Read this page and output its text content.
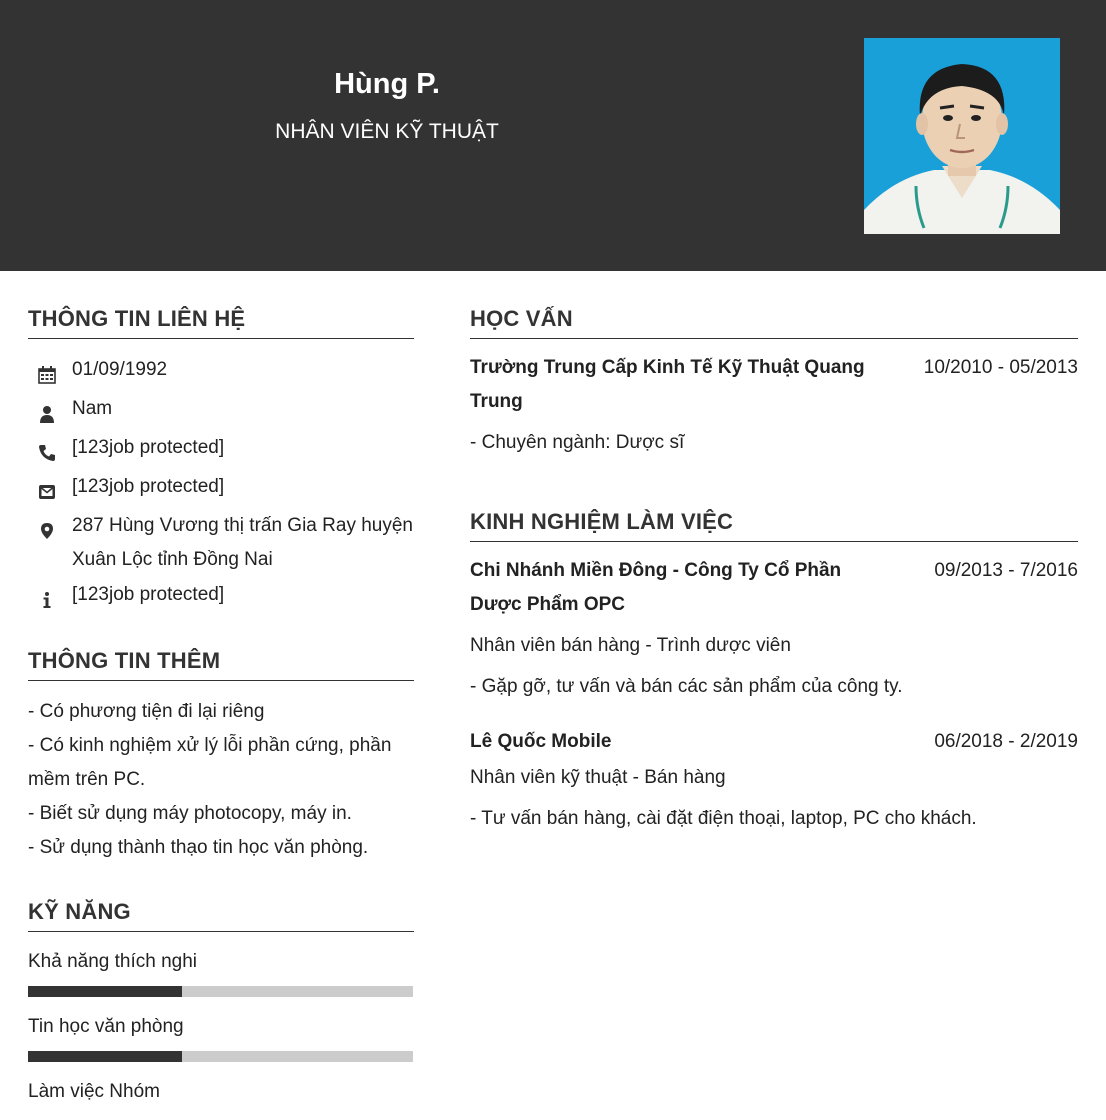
Hùng P.
NHÂN VIÊN KỸ THUẬT
THÔNG TIN LIÊN HỆ
01/09/1992
Nam
[123job protected]
[123job protected]
287 Hùng Vương thị trấn Gia Ray huyện Xuân Lộc tỉnh Đồng Nai
[123job protected]
THÔNG TIN THÊM
- Có phương tiện đi lại riêng
- Có kinh nghiệm xử lý lỗi phần cứng, phần mềm trên PC.
- Biết sử dụng máy photocopy, máy in.
- Sử dụng thành thạo tin học văn phòng.
KỸ NĂNG
Khả năng thích nghi
Tin học văn phòng
Làm việc Nhóm
HỌC VẤN
Trường Trung Cấp Kinh Tế Kỹ Thuật Quang Trung
10/2010 - 05/2013
- Chuyên ngành: Dược sĩ
KINH NGHIỆM LÀM VIỆC
Chi Nhánh Miền Đông - Công Ty Cổ Phần Dược Phẩm OPC
09/2013 - 7/2016
Nhân viên bán hàng - Trình dược viên
- Gặp gỡ, tư vấn và bán các sản phẩm của công ty.
Lê Quốc Mobile	06/2018 - 2/2019
Nhân viên kỹ thuật - Bán hàng
- Tư vấn bán hàng, cài đặt điện thoại, laptop, PC cho khách.
